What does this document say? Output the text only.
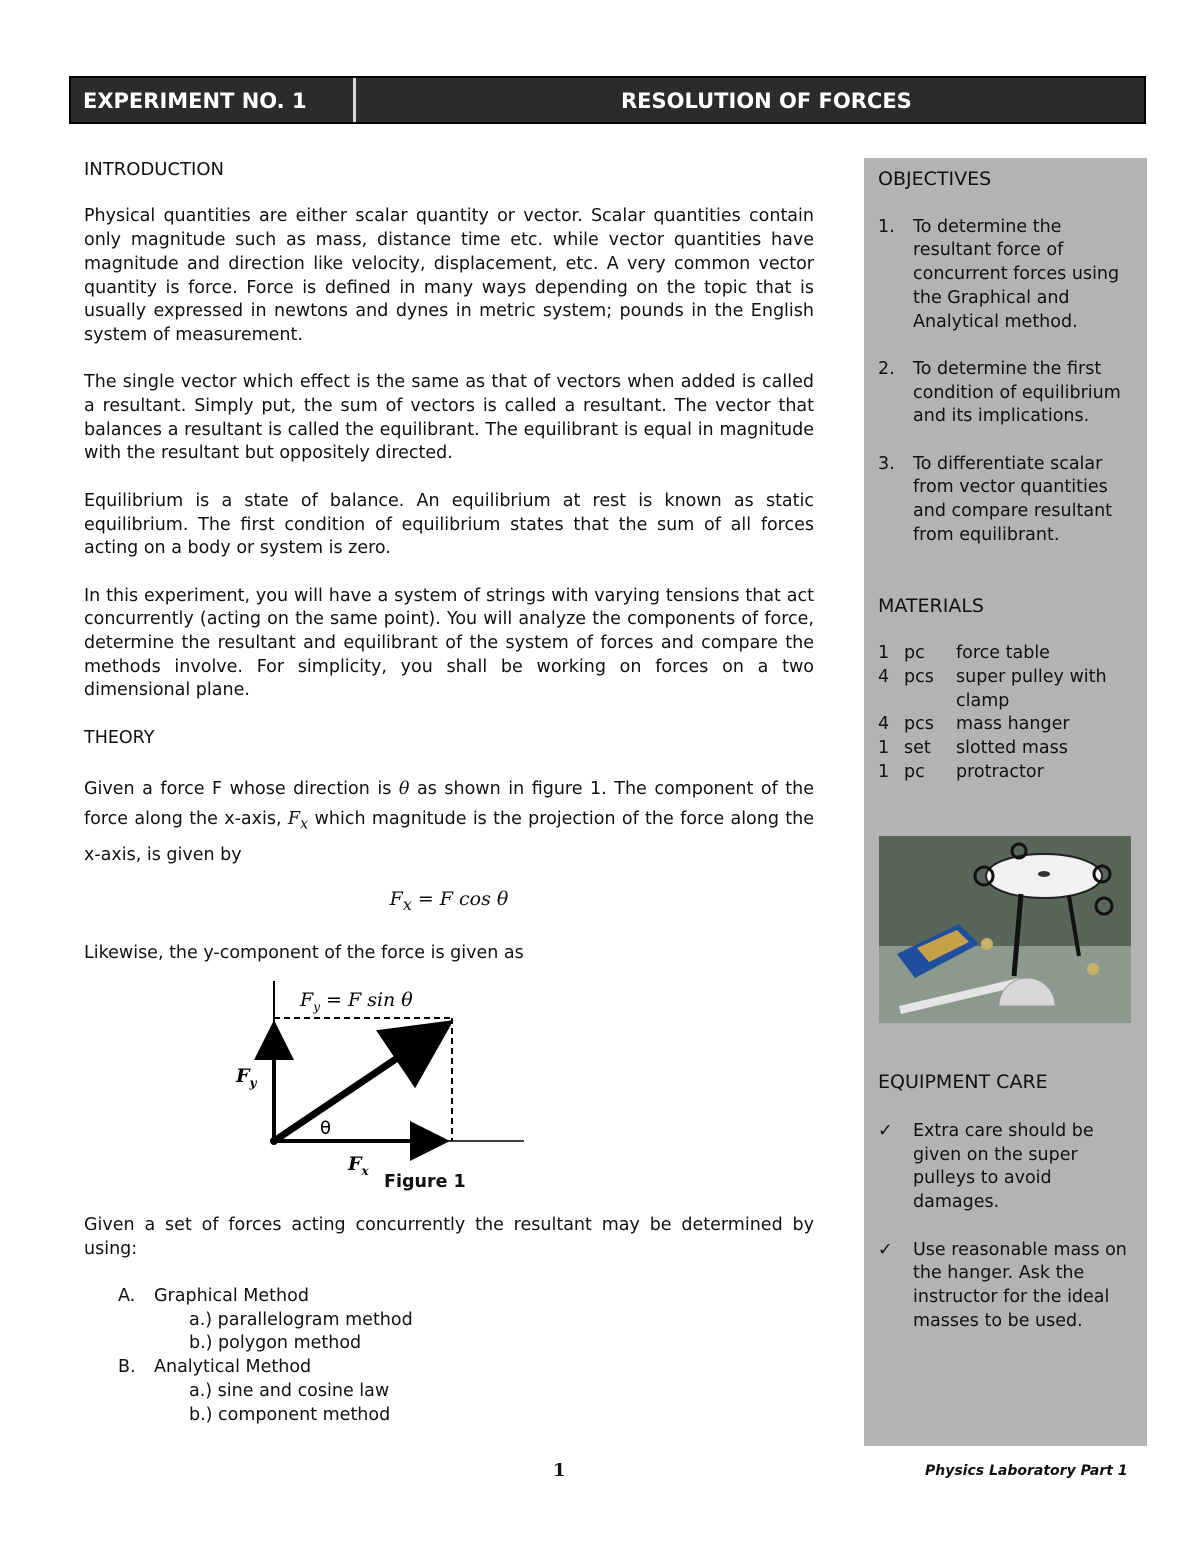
EXPERIMENT NO. 1	RESOLUTION OF FORCES
INTRODUCTION

Physical quantities are either scalar quantity or vector. Scalar quantities contain only magnitude such as mass, distance time etc. while vector quantities have magnitude and direction like velocity, displacement, etc. A very common vector quantity is force. Force is defined in many ways depending on the topic that is usually expressed in newtons and dynes in metric system; pounds in the English system of measurement.

The single vector which effect is the same as that of vectors when added is called a resultant. Simply put, the sum of vectors is called a resultant. The vector that balances a resultant is called the equilibrant. The equilibrant is equal in magnitude with the resultant but oppositely directed.

Equilibrium is a state of balance. An equilibrium at rest is known as static equilibrium. The first condition of equilibrium states that the sum of all forces acting on a body or system is zero.

In this experiment, you will have a system of strings with varying tensions that act concurrently (acting on the same point). You will analyze the components of force, determine the resultant and equilibrant of the system of forces and compare the methods involve. For simplicity, you shall be working on forces on a two dimensional plane.

THEORY

Given a force F whose direction is θ as shown in figure 1. The component of the force along the x-axis, $F_x$ which magnitude is the projection of the force along the x-axis, is given by

$F_x = F$ cos θ

Likewise, the y-component of the force is given as

$F_y = F$ sin θ
θ
$F_y$
$F_x$
Figure 1

Given a set of forces acting concurrently the resultant may be determined by using:

A. Graphical Method
a.) parallelogram method
b.) polygon method
B. Analytical Method
a.) sine and cosine law
b.) component method
OBJECTIVES
1.	To determine the resultant force of concurrent forces using the Graphical and Analytical method.
2.	To determine the first condition of equilibrium and its implications.
3.	To differentiate scalar from vector quantities and compare resultant from equilibrant.
MATERIALS
1 pc	force table
4 pcs	super pulley with clamp
4 pcs	mass hanger
1 set	slotted mass
1 pc	protractor
EQUIPMENT CARE
✓	Extra care should be given on the super pulleys to avoid damages.
✓	Use reasonable mass on the hanger. Ask the instructor for the ideal masses to be used.
1	Physics Laboratory Part 1
